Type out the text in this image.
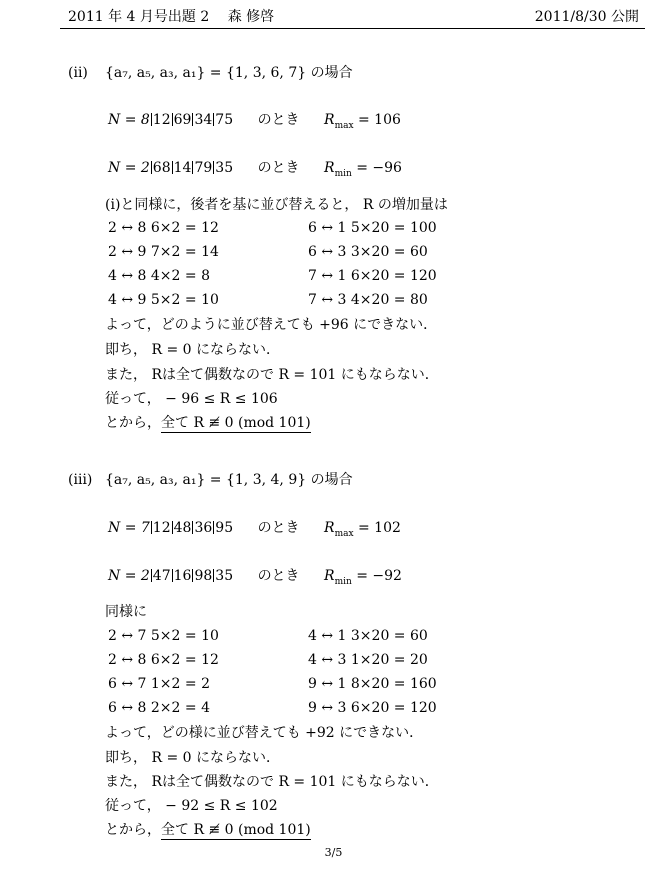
2011 年 4 月号出題 2　 森 修啓	2011/8/30 公開
(ⅱ) {a₇, a₅, a₃, a₁} = {1, 3, 6, 7} の場合
N = 8 12 69 34 75 のとき $R_{max} = 106$
N = 2 68 14 79 35 のとき $R_{min} = -96$
(ⅰ)と同様に，後者を基に並び替えると， R の増加量は
2 ↔ 8 6×2 = 12	6 ↔ 1 5×20 = 100
2 ↔ 9 7×2 = 14	6 ↔ 3 3×20 = 60
4 ↔ 8 4×2 = 8	7 ↔ 1 6×20 = 120
4 ↔ 9 5×2 = 10	7 ↔ 3 4×20 = 80
よって，どのように並び替えても +96 にできない．
即ち， R = 0 にならない．
また， Rは全て偶数なので R = 101 にもならない．
従って， − 96 ≤ R ≤ 106
とから，全て R ≢ 0 (mod 101)
(ⅲ) {a₇, a₅, a₃, a₁} = {1, 3, 4, 9} の場合
N = 7 12 48 36 95 のとき $R_{max} = 102$
N = 2 47 16 98 35 のとき $R_{min} = -92$
同様に
2 ↔ 7 5×2 = 10	4 ↔ 1 3×20 = 60
2 ↔ 8 6×2 = 12	4 ↔ 3 1×20 = 20
6 ↔ 7 1×2 = 2	9 ↔ 1 8×20 = 160
6 ↔ 8 2×2 = 4	9 ↔ 3 6×20 = 120
よって，どの様に並び替えても +92 にできない．
即ち， R = 0 にならない．
また， Rは全て偶数なので R = 101 にもならない．
従って， − 92 ≤ R ≤ 102
とから，全て R ≢ 0 (mod 101)
3/5
